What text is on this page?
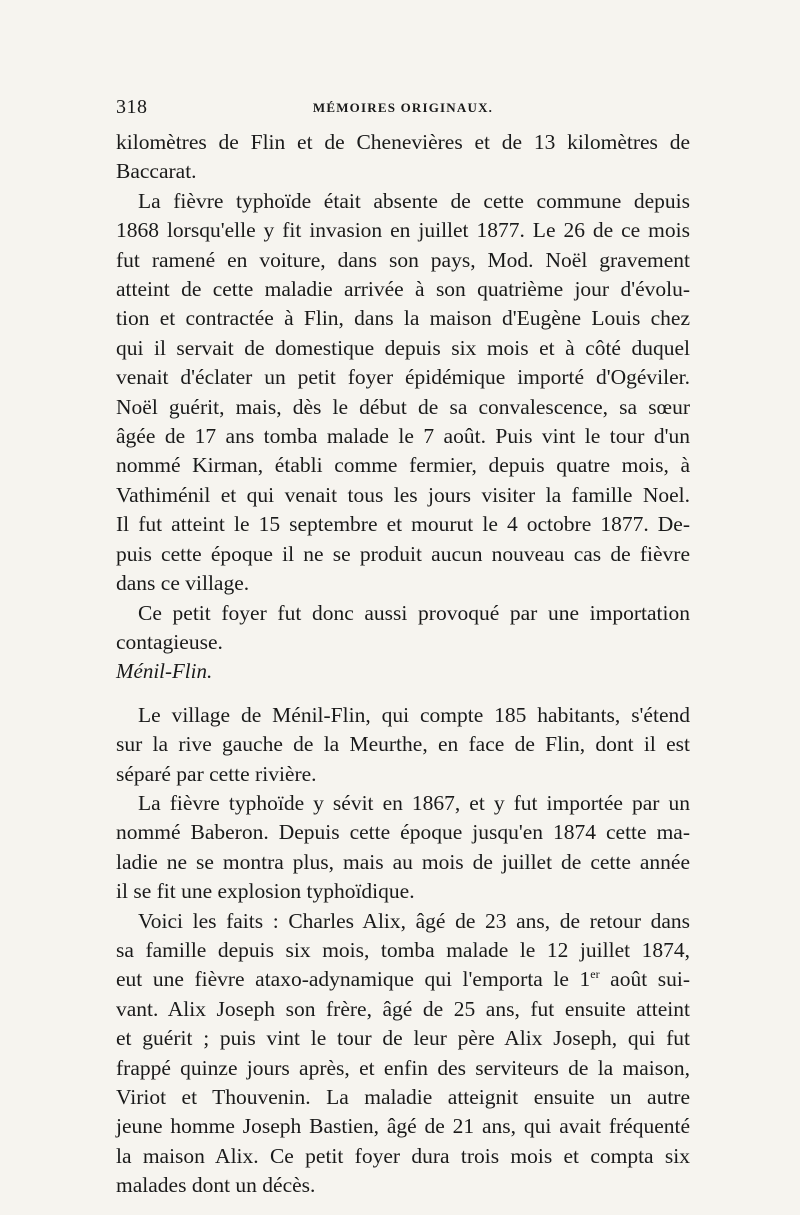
318	MÉMOIRES ORIGINAUX.

kilomètres de Flin et de Chenevières et de 13 kilomètres de

Baccarat.

La fièvre typhoïde était absente de cette commune depuis

1868 lorsqu'elle y fit invasion en juillet 1877. Le 26 de ce mois

fut ramené en voiture, dans son pays, Mod. Noël gravement

atteint de cette maladie arrivée à son quatrième jour d'évolu-

tion et contractée à Flin, dans la maison d'Eugène Louis chez

qui il servait de domestique depuis six mois et à côté duquel

venait d'éclater un petit foyer épidémique importé d'Ogéviler.

Noël guérit, mais, dès le début de sa convalescence, sa sœur

âgée de 17 ans tomba malade le 7 août. Puis vint le tour d'un

nommé Kirman, établi comme fermier, depuis quatre mois, à

Vathiménil et qui venait tous les jours visiter la famille Noel.

Il fut atteint le 15 septembre et mourut le 4 octobre 1877. De-

puis cette époque il ne se produit aucun nouveau cas de fièvre

dans ce village.

Ce petit foyer fut donc aussi provoqué par une importation

contagieuse.

Ménil-Flin.

Le village de Ménil-Flin, qui compte 185 habitants, s'étend

sur la rive gauche de la Meurthe, en face de Flin, dont il est

séparé par cette rivière.

La fièvre typhoïde y sévit en 1867, et y fut importée par un

nommé Baberon. Depuis cette époque jusqu'en 1874 cette ma-

ladie ne se montra plus, mais au mois de juillet de cette année

il se fit une explosion typhoïdique.

Voici les faits : Charles Alix, âgé de 23 ans, de retour dans

sa famille depuis six mois, tomba malade le 12 juillet 1874,

eut une fièvre ataxo-adynamique qui l'emporta le 1er août sui-

vant. Alix Joseph son frère, âgé de 25 ans, fut ensuite atteint

et guérit ; puis vint le tour de leur père Alix Joseph, qui fut

frappé quinze jours après, et enfin des serviteurs de la maison,

Viriot et Thouvenin. La maladie atteignit ensuite un autre

jeune homme Joseph Bastien, âgé de 21 ans, qui avait fréquenté

la maison Alix. Ce petit foyer dura trois mois et compta six

malades dont un décès.
